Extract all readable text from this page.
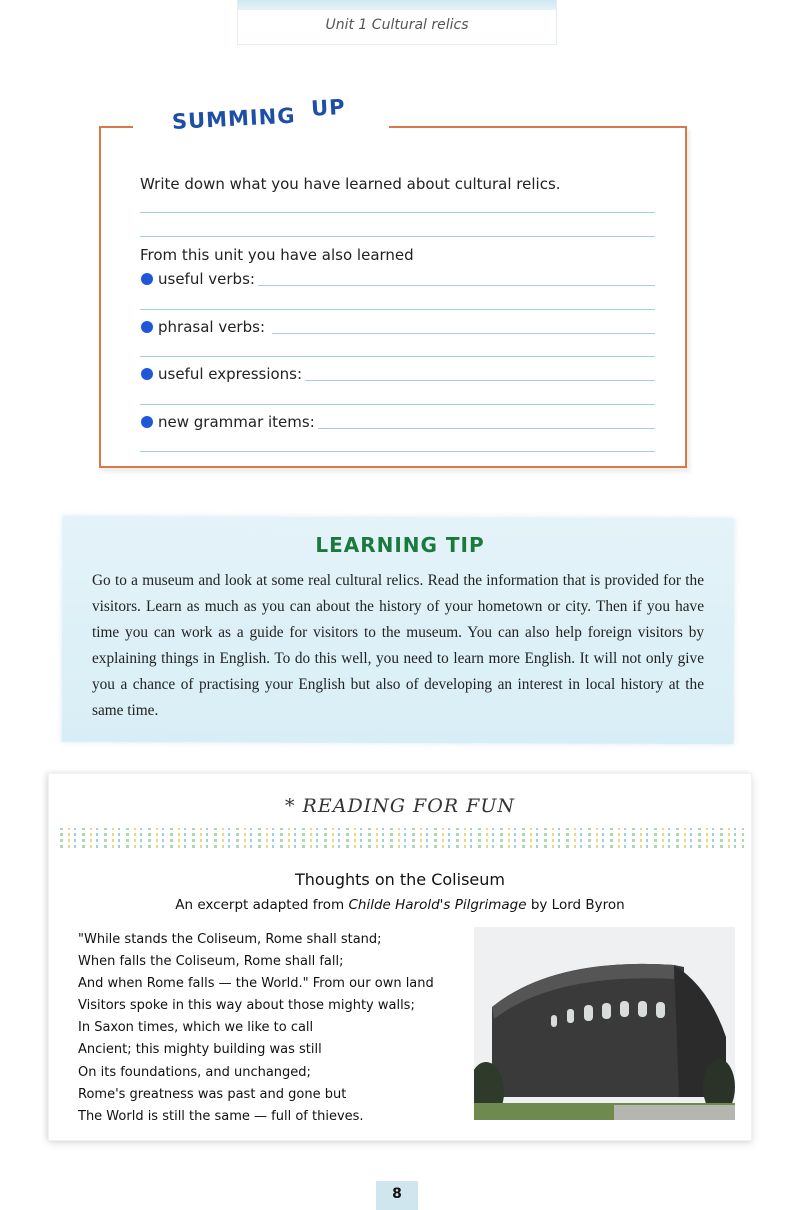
Unit 1 Cultural relics
SUMMING UP
Write down what you have learned about cultural relics.
From this unit you have also learned
useful verbs:
phrasal verbs:
useful expressions:
new grammar items:
LEARNING TIP
Go to a museum and look at some real cultural relics. Read the information that is provided for the visitors. Learn as much as you can about the history of your hometown or city. Then if you have time you can work as a guide for visitors to the museum. You can also help foreign visitors by explaining things in English. To do this well, you need to learn more English. It will not only give you a chance of practising your English but also of developing an interest in local history at the same time.
* READING FOR FUN
Thoughts on the Coliseum
An excerpt adapted from Childe Harold's Pilgrimage by Lord Byron
"While stands the Coliseum, Rome shall stand;
When falls the Coliseum, Rome shall fall;
And when Rome falls — the World." From our own land
Visitors spoke in this way about those mighty walls;
In Saxon times, which we like to call
Ancient; this mighty building was still
On its foundations, and unchanged;
Rome's greatness was past and gone but
The World is still the same — full of thieves.
8
